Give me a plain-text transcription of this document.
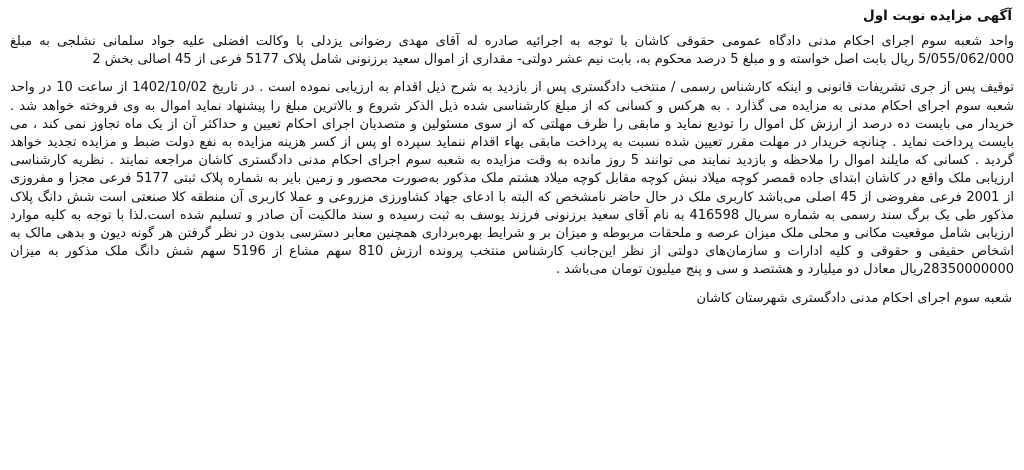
آگهی مزایده نوبت اول

واحد شعبه سوم اجرای احکام مدنی دادگاه عمومی حقوقی کاشان با توجه به اجرائیه صادره له آقای مهدی رضوانی یزدلی با وکالت افضلی علیه جواد سلمانی نشلجی به مبلغ 5/055/062/000 ریال بابت اصل خواسته و و مبلغ 5 درصد محکوم به، بابت نیم عشر دولتی- مقداری از اموال سعید برزنونی شامل پلاک 5177 فرعی از 45 اصالی بخش 2

توقیف پس از جری تشریفات قانونی و اینکه کارشناس رسمی / منتخب دادگستری پس از بازدید به شرح ذیل اقدام به ارزیابی نموده است . در تاریخ 1402/10/02 از ساعت 10 در واحد شعبه سوم اجرای احکام مدنی به مزایده می گذارد . به هرکس و کسانی که از مبلغ کارشناسی شده ذیل الذکر شروع و بالاترین مبلغ را پیشنهاد نماید اموال به وی فروخته خواهد شد . خریدار می بایست ده درصد از ارزش کل اموال را تودیع نماید و مابقی را ظرف مهلتی که از سوی مسئولین و متصدیان اجرای احکام تعیین و حداکثر آن از یک ماه تجاوز نمی کند ، می بایست پرداخت نماید . چنانچه خریدار در مهلت مقرر تعیین شده نسبت به پرداخت مابقی بهاء اقدام ننماید سپرده او پس از کسر هزینه مزایده به نفع دولت ضبط و مزایده تجدید خواهد گردید . کسانی که مایلند اموال را ملاحظه و بازدید نمایند می توانند 5 روز مانده به وقت مزایده به شعبه سوم اجرای احکام مدنی دادگستری کاشان مراجعه نمایند . نظریه کارشناسی ارزیابی ملک واقع در کاشان ابتدای جاده قمصر کوچه میلاد نبش کوچه مقابل کوچه میلاد هشتم ملک مذکور به‌صورت محصور و زمین بایر به شماره پلاک ثبتی 5177 فرعی مجزا و مفروزی از 2001 فرعی مفروضی از 45 اصلی می‌باشد کاربری ملک در حال حاضر نامشخص که البته با ادعای جهاد کشاورزی مزروعی و عملا کاربری آن منطقه کلا صنعتی است شش دانگ پلاک مذکور طی یک برگ سند رسمی به شماره سریال 416598 به نام آقای سعید برزنونی فرزند یوسف به ثبت رسیده و سند مالکیت آن صادر و تسلیم شده است.لذا با توجه به کلیه موارد ارزیابی شامل موقعیت مکانی و محلی ملک میزان عرصه و ملحقات مربوطه و میزان بر و شرایط بهره‌برداری همچنین معابر دسترسی بدون در نظر گرفتن هر گونه دیون و بدهی مالک به اشخاص حقیقی و حقوقی و کلیه ادارات و سازمان‌های دولتی از نظر این‌جانب کارشناس منتخب پرونده ارزش 810 سهم مشاع از 5196 سهم شش دانگ ملک مذکور به میزان 28350000000ریال معادل دو میلیارد و هشتصد و سی و پنج میلیون تومان می‌باشد .

شعبه سوم اجرای احکام مدنی دادگستری شهرستان کاشان
